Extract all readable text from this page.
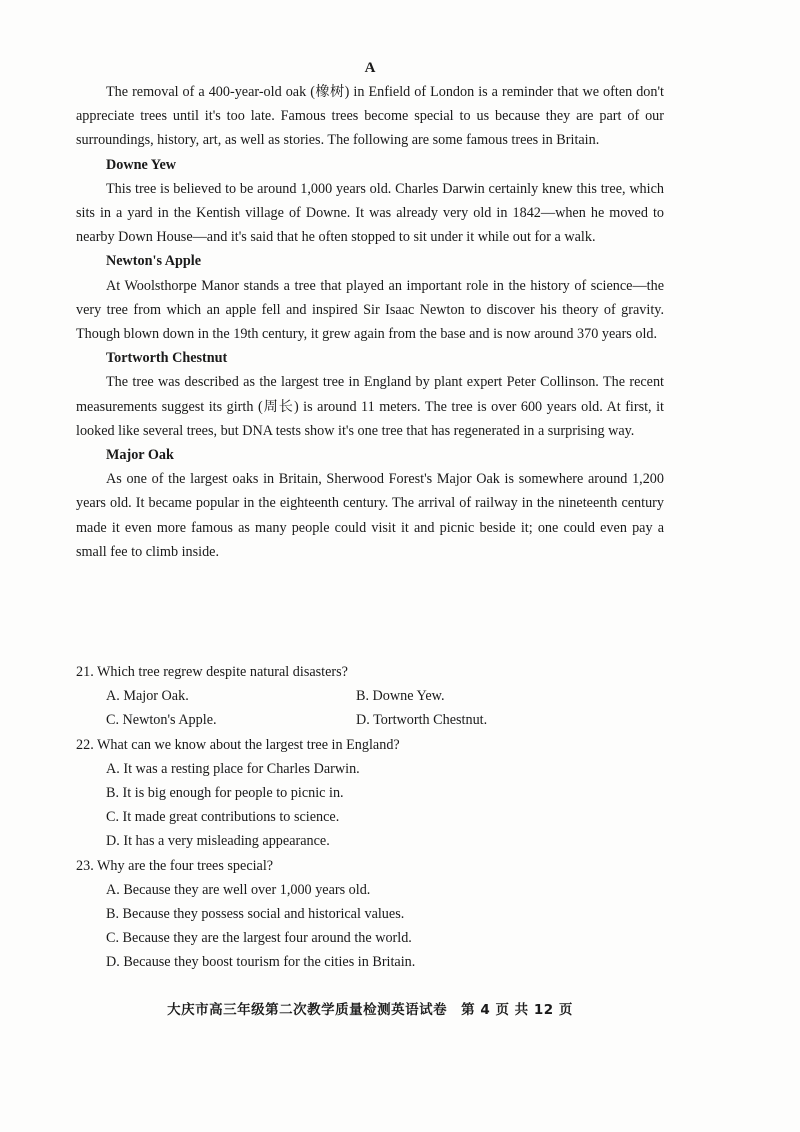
A

The removal of a 400-year-old oak (橡树) in Enfield of London is a reminder that we often don't appreciate trees until it's too late. Famous trees become special to us because they are part of our surroundings, history, art, as well as stories. The following are some famous trees in Britain.

Downe Yew

This tree is believed to be around 1,000 years old. Charles Darwin certainly knew this tree, which sits in a yard in the Kentish village of Downe. It was already very old in 1842—when he moved to nearby Down House—and it's said that he often stopped to sit under it while out for a walk.

Newton's Apple

At Woolsthorpe Manor stands a tree that played an important role in the history of science—the very tree from which an apple fell and inspired Sir Isaac Newton to discover his theory of gravity. Though blown down in the 19th century, it grew again from the base and is now around 370 years old.

Tortworth Chestnut

The tree was described as the largest tree in England by plant expert Peter Collinson. The recent measurements suggest its girth (周长) is around 11 meters. The tree is over 600 years old. At first, it looked like several trees, but DNA tests show it's one tree that has regenerated in a surprising way.

Major Oak

As one of the largest oaks in Britain, Sherwood Forest's Major Oak is somewhere around 1,200 years old. It became popular in the eighteenth century. The arrival of railway in the nineteenth century made it even more famous as many people could visit it and picnic beside it; one could even pay a small fee to climb inside.

21. Which tree regrew despite natural disasters?

A. Major Oak.	B. Downe Yew.
C. Newton's Apple.	D. Tortworth Chestnut.

22. What can we know about the largest tree in England?

A. It was a resting place for Charles Darwin.

B. It is big enough for people to picnic in.

C. It made great contributions to science.

D. It has a very misleading appearance.

23. Why are the four trees special?

A. Because they are well over 1,000 years old.

B. Because they possess social and historical values.

C. Because they are the largest four around the world.

D. Because they boost tourism for the cities in Britain.

大庆市高三年级第二次教学质量检测英语试卷　第 4 页 共 12 页
